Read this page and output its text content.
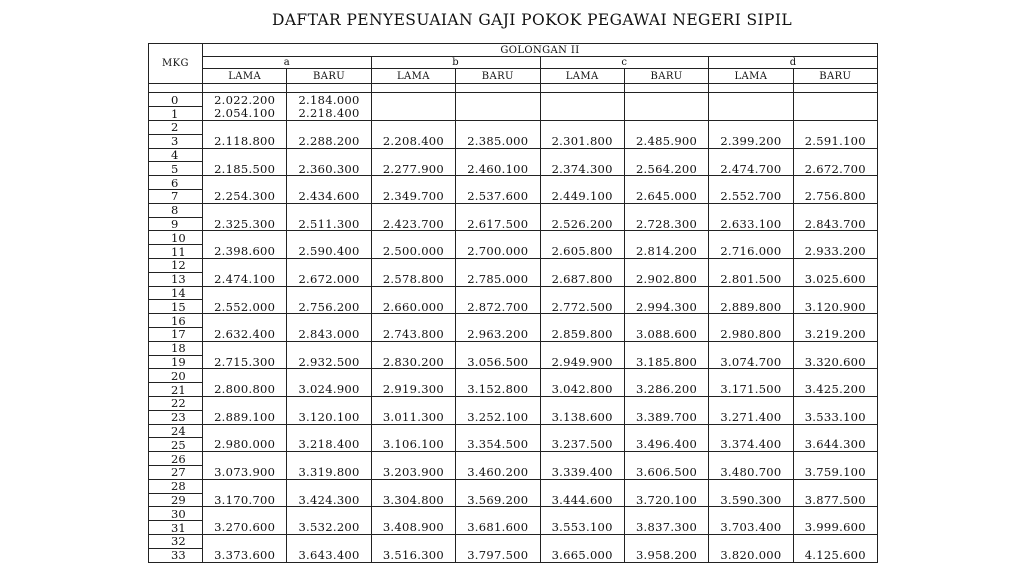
DAFTAR PENYESUAIAN GAJI POKOK PEGAWAI NEGERI SIPIL
MKG	GOLONGAN II							
	a		b		c		d	
	LAMA	BARU	LAMA	BARU	LAMA	BARU	LAMA	BARU

0	2.022.200	2.184.000						
1	2.054.100	2.218.400						
2								
3	2.118.800	2.288.200	2.208.400	2.385.000	2.301.800	2.485.900	2.399.200	2.591.100
4								
5	2.185.500	2.360.300	2.277.900	2.460.100	2.374.300	2.564.200	2.474.700	2.672.700
6								
7	2.254.300	2.434.600	2.349.700	2.537.600	2.449.100	2.645.000	2.552.700	2.756.800
8								
9	2.325.300	2.511.300	2.423.700	2.617.500	2.526.200	2.728.300	2.633.100	2.843.700
10								
11	2.398.600	2.590.400	2.500.000	2.700.000	2.605.800	2.814.200	2.716.000	2.933.200
12								
13	2.474.100	2.672.000	2.578.800	2.785.000	2.687.800	2.902.800	2.801.500	3.025.600
14								
15	2.552.000	2.756.200	2.660.000	2.872.700	2.772.500	2.994.300	2.889.800	3.120.900
16								
17	2.632.400	2.843.000	2.743.800	2.963.200	2.859.800	3.088.600	2.980.800	3.219.200
18								
19	2.715.300	2.932.500	2.830.200	3.056.500	2.949.900	3.185.800	3.074.700	3.320.600
20								
21	2.800.800	3.024.900	2.919.300	3.152.800	3.042.800	3.286.200	3.171.500	3.425.200
22								
23	2.889.100	3.120.100	3.011.300	3.252.100	3.138.600	3.389.700	3.271.400	3.533.100
24								
25	2.980.000	3.218.400	3.106.100	3.354.500	3.237.500	3.496.400	3.374.400	3.644.300
26								
27	3.073.900	3.319.800	3.203.900	3.460.200	3.339.400	3.606.500	3.480.700	3.759.100
28								
29	3.170.700	3.424.300	3.304.800	3.569.200	3.444.600	3.720.100	3.590.300	3.877.500
30								
31	3.270.600	3.532.200	3.408.900	3.681.600	3.553.100	3.837.300	3.703.400	3.999.600
32								
33	3.373.600	3.643.400	3.516.300	3.797.500	3.665.000	3.958.200	3.820.000	4.125.600
